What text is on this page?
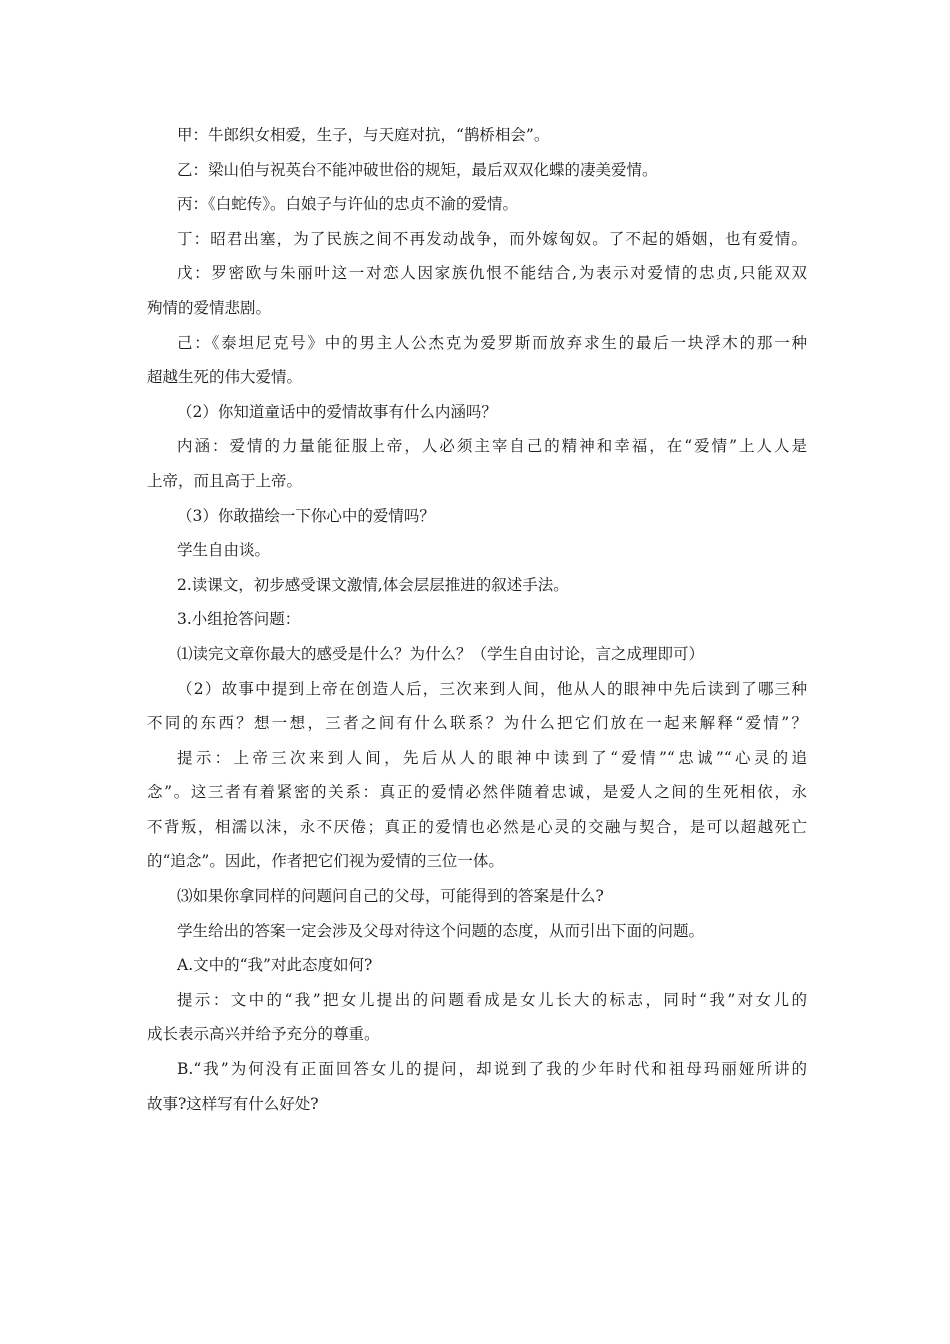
甲：牛郎织女相爱，生子，与天庭对抗，“鹊桥相会”。
乙：梁山伯与祝英台不能冲破世俗的规矩，最后双双化蝶的凄美爱情。
丙：《白蛇传》。白娘子与许仙的忠贞不渝的爱情。
丁：昭君出塞，为了民族之间不再发动战争，而外嫁匈奴。了不起的婚姻，也有爱情。
戊：罗密欧与朱丽叶这一对恋人因家族仇恨不能结合,为表示对爱情的忠贞,只能双双
殉情的爱情悲剧。
己：《泰坦尼克号》中的男主人公杰克为爱罗斯而放弃求生的最后一块浮木的那一种
超越生死的伟大爱情。
（2）你知道童话中的爱情故事有什么内涵吗？
内涵：爱情的力量能征服上帝，人必须主宰自己的精神和幸福，在“爱情”上人人是
上帝，而且高于上帝。
（3）你敢描绘一下你心中的爱情吗？
学生自由谈。
2.读课文，初步感受课文激情,体会层层推进的叙述手法。
3.小组抢答问题：
⑴读完文章你最大的感受是什么？为什么？（学生自由讨论，言之成理即可）
（2）故事中提到上帝在创造人后，三次来到人间，他从人的眼神中先后读到了哪三种
不同的东西？想一想，三者之间有什么联系？为什么把它们放在一起来解释“爱情”？
提示：上帝三次来到人间，先后从人的眼神中读到了“爱情”“忠诚”“心灵的追
念”。这三者有着紧密的关系：真正的爱情必然伴随着忠诚，是爱人之间的生死相依，永
不背叛，相濡以沫，永不厌倦；真正的爱情也必然是心灵的交融与契合，是可以超越死亡
的“追念”。因此，作者把它们视为爱情的三位一体。
⑶如果你拿同样的问题问自己的父母，可能得到的答案是什么?
学生给出的答案一定会涉及父母对待这个问题的态度，从而引出下面的问题。
A.文中的“我”对此态度如何?
提示：文中的“我”把女儿提出的问题看成是女儿长大的标志，同时“我”对女儿的
成长表示高兴并给予充分的尊重。
B.“我”为何没有正面回答女儿的提问，却说到了我的少年时代和祖母玛丽娅所讲的
故事?这样写有什么好处?
